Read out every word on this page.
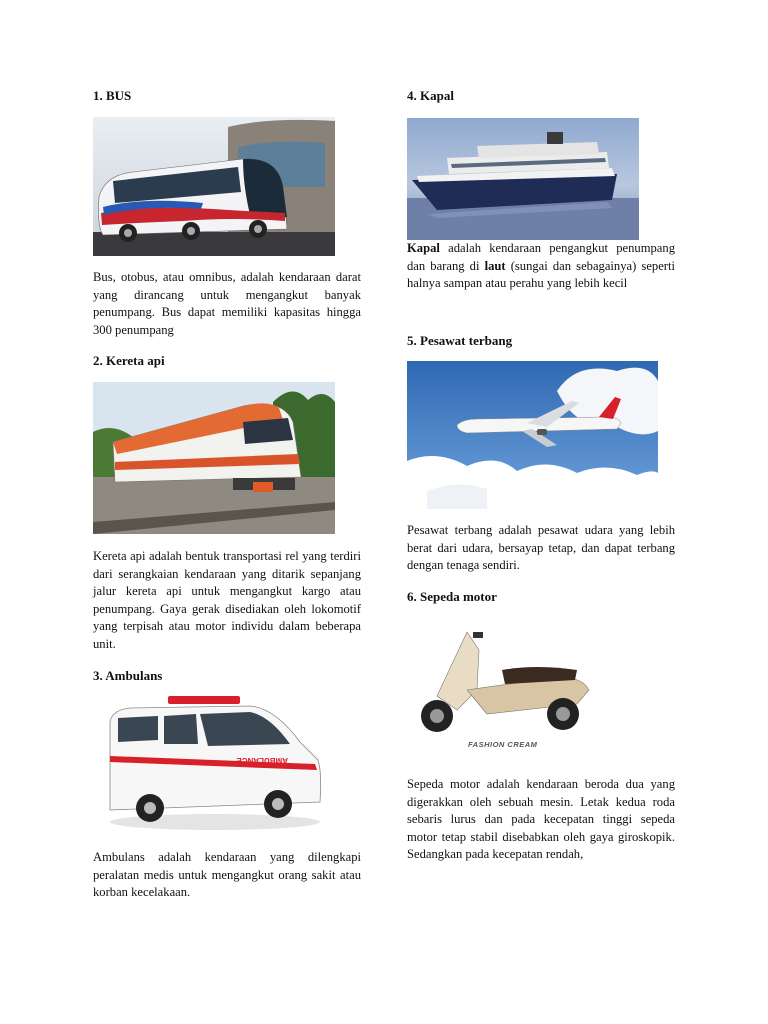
1. BUS

Bus, otobus, atau omnibus, adalah kendaraan darat yang dirancang untuk mengangkut banyak penumpang. Bus dapat memiliki kapasitas hingga 300 penumpang

2. Kereta api

Kereta api adalah bentuk transportasi rel yang terdiri dari serangkaian kendaraan yang ditarik sepanjang jalur kereta api untuk mengangkut kargo atau penumpang. Gaya gerak disediakan oleh lokomotif yang terpisah atau motor individu dalam beberapa unit.

3. Ambulans
AMBULANCE

Ambulans adalah kendaraan yang dilengkapi peralatan medis untuk mengangkut orang sakit atau korban kecelakaan.

4. Kapal

Kapal adalah kendaraan pengangkut penumpang dan barang di laut (sungai dan sebagainya) seperti halnya sampan atau perahu yang lebih kecil

5. Pesawat terbang

Pesawat terbang adalah pesawat udara yang lebih berat dari udara, bersayap tetap, dan dapat terbang dengan tenaga sendiri.

6. Sepeda motor
FASHION CREAM

Sepeda motor adalah kendaraan beroda dua yang digerakkan oleh sebuah mesin. Letak kedua roda sebaris lurus dan pada kecepatan tinggi sepeda motor tetap stabil disebabkan oleh gaya giroskopik. Sedangkan pada kecepatan rendah,
